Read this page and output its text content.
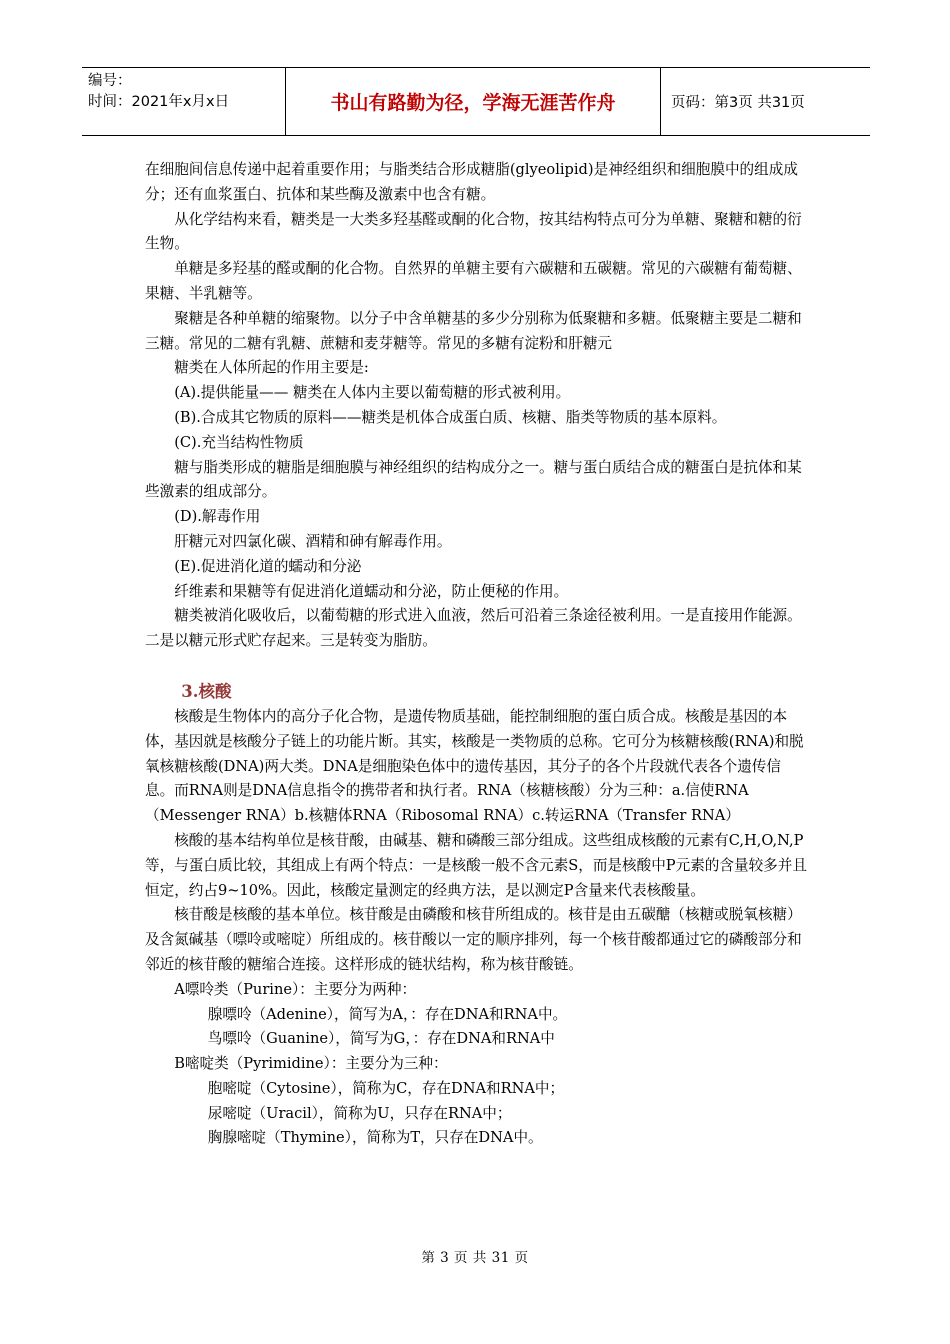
编号：
时间：2021年x月x日	书山有路勤为径，学海无涯苦作舟	页码：第3页 共31页

在细胞间信息传递中起着重要作用；与脂类结合形成糖脂(glyeolipid)是神经组织和细胞膜中的组成成分；还有血浆蛋白、抗体和某些酶及激素中也含有糖。

从化学结构来看，糖类是一大类多羟基醛或酮的化合物，按其结构特点可分为单糖、聚糖和糖的衍生物。

单糖是多羟基的醛或酮的化合物。自然界的单糖主要有六碳糖和五碳糖。常见的六碳糖有葡萄糖、果糖、半乳糖等。

聚糖是各种单糖的缩聚物。以分子中含单糖基的多少分别称为低聚糖和多糖。低聚糖主要是二糖和三糖。常见的二糖有乳糖、蔗糖和麦芽糖等。常见的多糖有淀粉和肝糖元

糖类在人体所起的作用主要是:

(A).提供能量—— 糖类在人体内主要以葡萄糖的形式被利用。

(B).合成其它物质的原料——糖类是机体合成蛋白质、核糖、脂类等物质的基本原料。

(C).充当结构性物质

糖与脂类形成的糖脂是细胞膜与神经组织的结构成分之一。糖与蛋白质结合成的糖蛋白是抗体和某些激素的组成部分。

(D).解毒作用

肝糖元对四氯化碳、酒精和砷有解毒作用。

(E).促进消化道的蠕动和分泌

纤维素和果糖等有促进消化道蠕动和分泌，防止便秘的作用。

糖类被消化吸收后，以葡萄糖的形式进入血液，然后可沿着三条途径被利用。一是直接用作能源。二是以糖元形式贮存起来。三是转变为脂肪。

3.核酸

核酸是生物体内的高分子化合物，是遗传物质基础，能控制细胞的蛋白质合成。核酸是基因的本体，基因就是核酸分子链上的功能片断。其实，核酸是一类物质的总称。它可分为核糖核酸(RNA)和脱氧核糖核酸(DNA)两大类。DNA是细胞染色体中的遗传基因，其分子的各个片段就代表各个遗传信息。而RNA则是DNA信息指令的携带者和执行者。RNA（核糖核酸）分为三种：a.信使RNA（Messenger RNA）b.核糖体RNA（Ribosomal RNA）c.转运RNA（Transfer RNA）

核酸的基本结构单位是核苷酸，由碱基、糖和磷酸三部分组成。这些组成核酸的元素有C,H,O,N,P等，与蛋白质比较，其组成上有两个特点：一是核酸一般不含元素S，而是核酸中P元素的含量较多并且恒定，约占9~10%。因此，核酸定量测定的经典方法，是以测定P含量来代表核酸量。

核苷酸是核酸的基本单位。核苷酸是由磷酸和核苷所组成的。核苷是由五碳醣（核糖或脱氧核糖）及含氮碱基（嘌呤或嘧啶）所组成的。核苷酸以一定的顺序排列，每一个核苷酸都通过它的磷酸部分和邻近的核苷酸的糖缩合连接。这样形成的链状结构，称为核苷酸链。

A嘌呤类（Purine）：主要分为两种：

腺嘌呤（Adenine），简写为A，：存在DNA和RNA中。

鸟嘌呤（Guanine），简写为G，：存在DNA和RNA中

B嘧啶类（Pyrimidine）：主要分为三种：

胞嘧啶（Cytosine），简称为C，存在DNA和RNA中；

尿嘧啶（Uracil），简称为U，只存在RNA中；

胸腺嘧啶（Thymine），简称为T，只存在DNA中。

第 3 页 共 31 页
